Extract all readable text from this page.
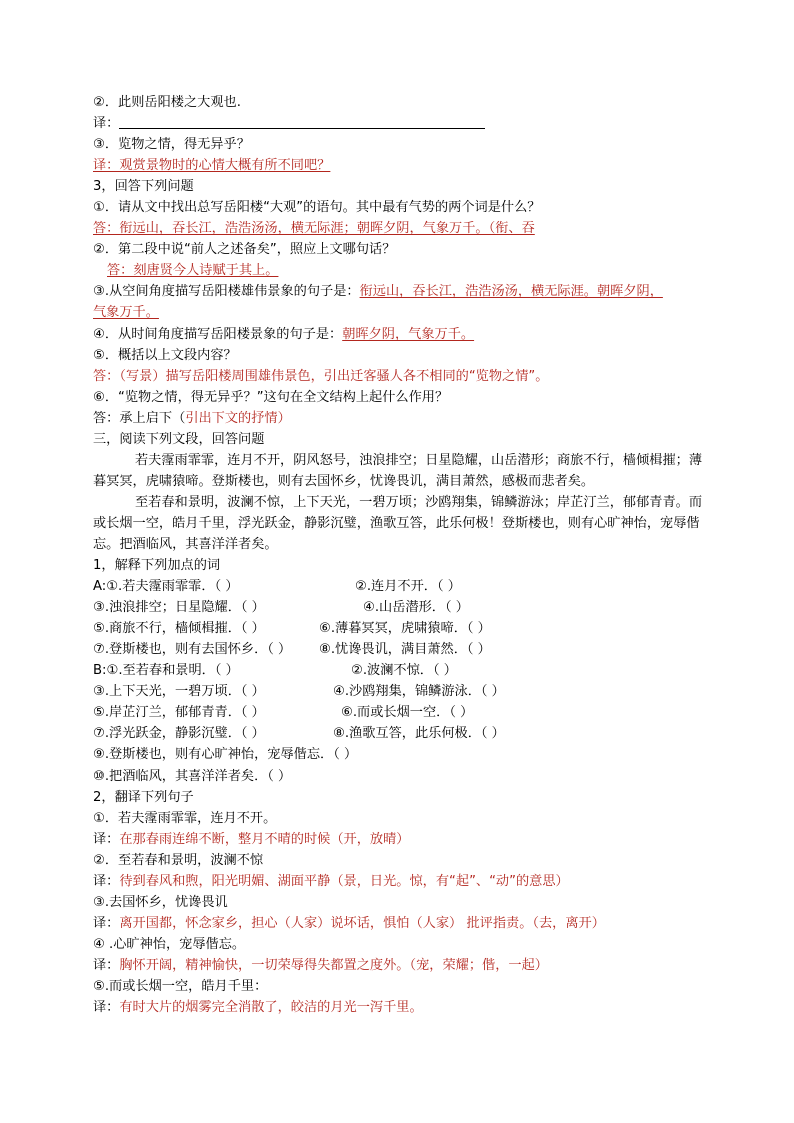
②．此则岳阳楼之大观也.
译：
③．览物之情，得无异乎？
译：观赏景物时的心情大概有所不同吧？
3，回答下列问题
①．请从文中找出总写岳阳楼“大观”的语句。其中最有气势的两个词是什么？
答：衔远山，吞长江，浩浩汤汤，横无际涯；朝晖夕阴，气象万千。（衔、吞
②．第二段中说“前人之述备矣”，照应上文哪句话？
答：刻唐贤今人诗赋于其上。
③.从空间角度描写岳阳楼雄伟景象的句子是：衔远山，吞长江，浩浩汤汤，横无际涯。朝晖夕阴，
气象万千。
④．从时间角度描写岳阳楼景象的句子是：朝晖夕阴，气象万千。
⑤．概括以上文段内容？
答：（写景）描写岳阳楼周围雄伟景色，引出迁客骚人各不相同的“览物之情”。
⑥．“览物之情，得无异乎？”这句在全文结构上起什么作用？
答：承上启下（引出下文的抒情）
三，阅读下列文段，回答问题
若夫霪雨霏霏，连月不开，阴风怒号，浊浪排空；日星隐耀，山岳潜形；商旅不行，樯倾楫摧；薄暮冥冥，虎啸猿啼。登斯楼也，则有去国怀乡，忧谗畏讥，满目萧然，感极而悲者矣。
至若春和景明，波澜不惊，上下天光，一碧万顷；沙鸥翔集，锦鳞游泳；岸芷汀兰，郁郁青青。而或长烟一空，皓月千里，浮光跃金，静影沉璧，渔歌互答，此乐何极！登斯楼也，则有心旷神怡，宠辱偕忘。把酒临风，其喜洋洋者矣。
1，解释下列加点的词
A:①.若夫霪雨霏霏．（ ）	②.连月不开．（ ）
③.浊浪排空；日星隐耀．（ ）	④.山岳潜形．（ ）
⑤.商旅不行，樯倾楫摧．（ ）	⑥.薄暮冥冥，虎啸猿啼．（ ）
⑦.登斯楼也，则有去国怀乡．（ ） ⑧.忧谗畏讥，满目萧然．（ ）
B:①.至若春和景明．（ ）	②.波澜不惊．（ ）
③.上下天光，一碧万顷．（ ）	④.沙鸥翔集，锦鳞游泳．（ ）
⑤.岸芷汀兰，郁郁青青．（ ）	⑥.而或长烟一空．（ ）
⑦.浮光跃金，静影沉璧．（ ）	⑧.渔歌互答，此乐何极．（ ）
⑨.登斯楼也，则有心旷神怡，宠辱偕忘．（ ）
⑩.把酒临风，其喜洋洋者矣．（ ）
2，翻译下列句子
①．若夫霪雨霏霏，连月不开。
译：在那春雨连绵不断，整月不晴的时候（开，放晴）
②．至若春和景明，波澜不惊
译：待到春风和煦，阳光明媚、湖面平静（景，日光。惊，有“起”、“动”的意思）
③.去国怀乡，忧谗畏讥
译：离开国都，怀念家乡，担心（人家）说坏话，惧怕（人家） 批评指责。（去，离开）
④ .心旷神怡，宠辱偕忘。
译：胸怀开阔，精神愉快，一切荣辱得失都置之度外。（宠，荣耀；偕，一起）
⑤.而或长烟一空，皓月千里：
译：有时大片的烟雾完全消散了，皎洁的月光一泻千里。
